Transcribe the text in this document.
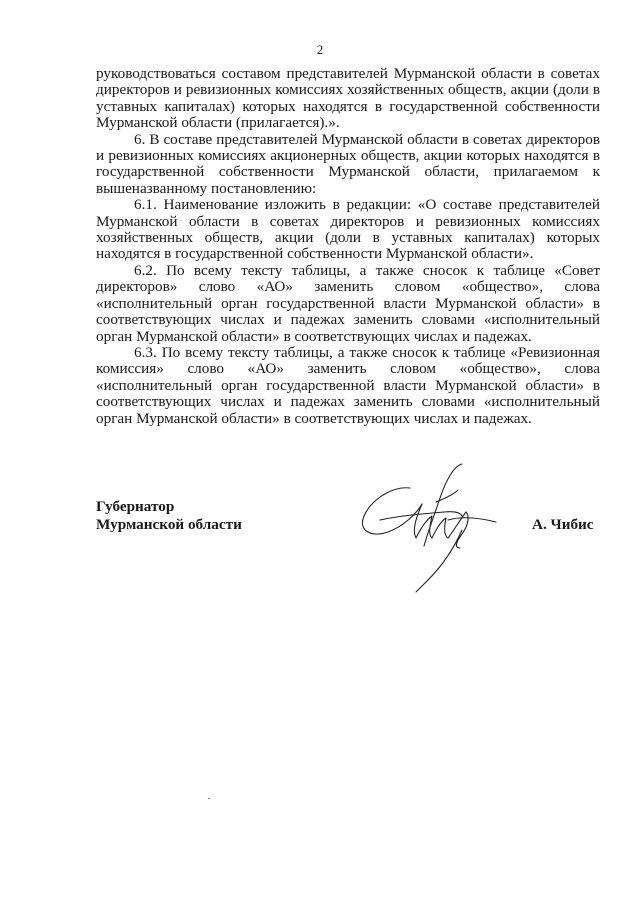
2

руководствоваться составом представителей Мурманской области в советах директоров и ревизионных комиссиях хозяйственных обществ, акции (доли в уставных капиталах) которых находятся в государственной собственности Мурманской области (прилагается).».

6. В составе представителей Мурманской области в советах директоров и ревизионных комиссиях акционерных обществ, акции которых находятся в государственной собственности Мурманской области, прилагаемом к вышеназванному постановлению:

6.1. Наименование изложить в редакции: «О составе представителей Мурманской области в советах директоров и ревизионных комиссиях хозяйственных обществ, акции (доли в уставных капиталах) которых находятся в государственной собственности Мурманской области».

6.2. По всему тексту таблицы, а также сносок к таблице «Совет директоров» слово «АО» заменить словом «общество», слова «исполнительный орган государственной власти Мурманской области» в соответствующих числах и падежах заменить словами «исполнительный орган Мурманской области» в соответствующих числах и падежах.

6.3. По всему тексту таблицы, а также сносок к таблице «Ревизионная комиссия» слово «АО» заменить словом «общество», слова «исполнительный орган государственной власти Мурманской области» в соответствующих числах и падежах заменить словами «исполнительный орган Мурманской области» в соответствующих числах и падежах.

Губернатор
Мурманской области	А. Чибис
